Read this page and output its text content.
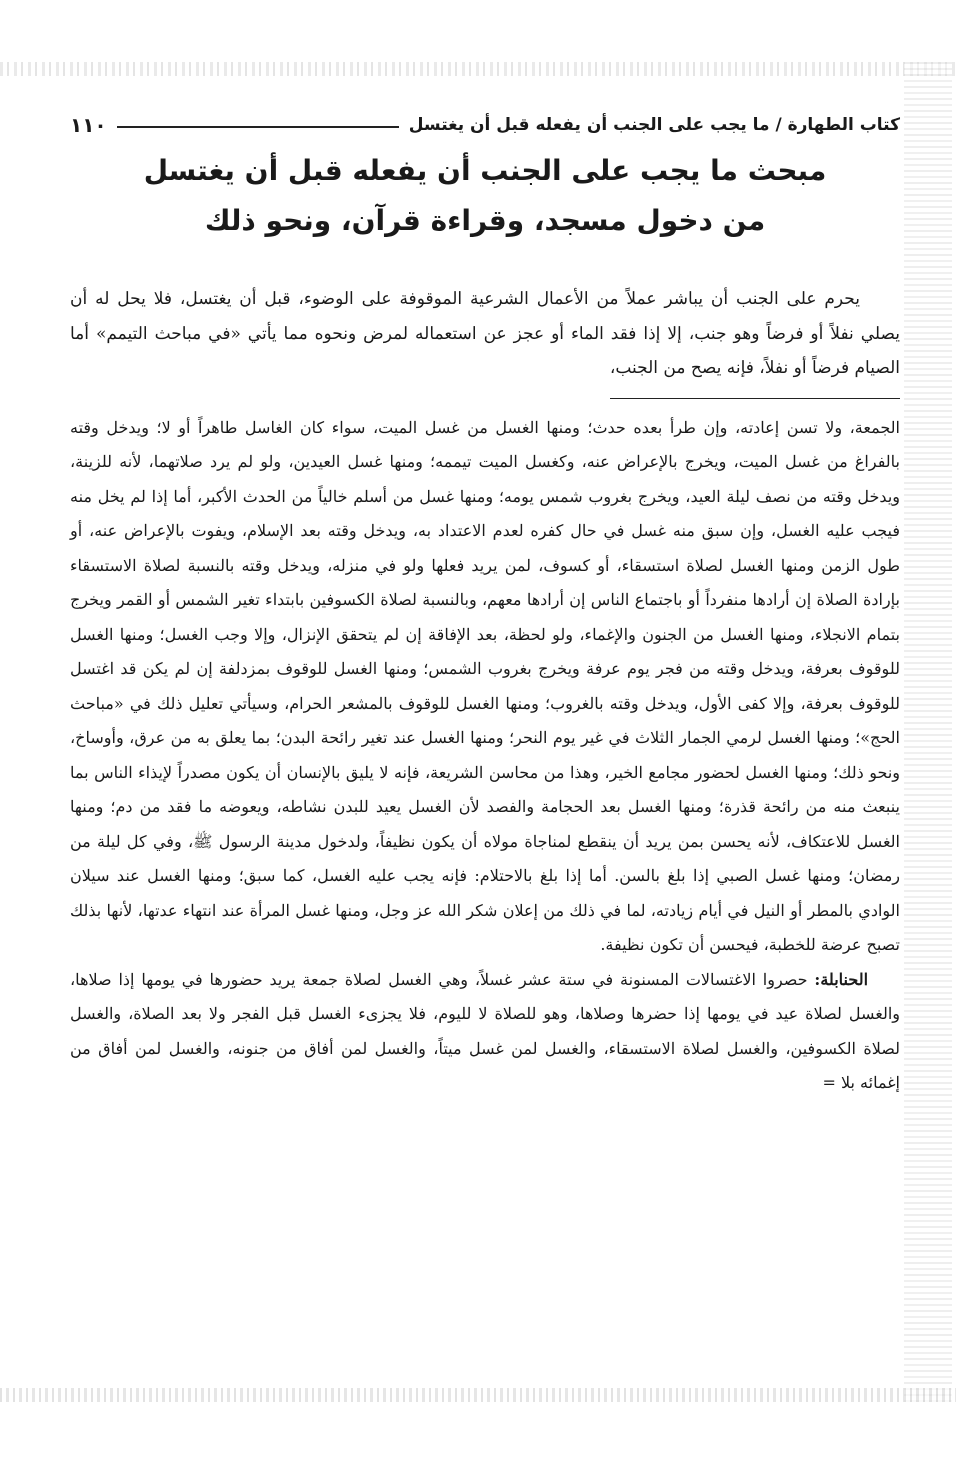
كتاب الطهارة / ما يجب على الجنب أن يفعله قبل أن يغتسل
١١٠
مبحث ما يجب على الجنب أن يفعله قبل أن يغتسل
من دخول مسجد، وقراءة قرآن، ونحو ذلك

يحرم على الجنب أن يباشر عملاً من الأعمال الشرعية الموقوفة على الوضوء، قبل أن يغتسل، فلا يحل له أن يصلي نفلاً أو فرضاً وهو جنب، إلا إذا فقد الماء أو عجز عن استعماله لمرض ونحوه مما يأتي «في مباحث التيمم» أما الصيام فرضاً أو نفلاً، فإنه يصح من الجنب،

الجمعة، ولا تسن إعادته، وإن طرأ بعده حدث؛ ومنها الغسل من غسل الميت، سواء كان الغاسل طاهراً أو لا؛ ويدخل وقته بالفراغ من غسل الميت، ويخرج بالإعراض عنه، وكغسل الميت تيممه؛ ومنها غسل العيدين، ولو لم يرد صلاتهما، لأنه للزينة، ويدخل وقته من نصف ليلة العيد، ويخرج بغروب شمس يومه؛ ومنها غسل من أسلم خالياً من الحدث الأكبر، أما إذا لم يخل منه فيجب عليه الغسل، وإن سبق منه غسل في حال كفره لعدم الاعتداد به، ويدخل وقته بعد الإسلام، ويفوت بالإعراض عنه، أو طول الزمن ومنها الغسل لصلاة استسقاء، أو كسوف، لمن يريد فعلها ولو في منزله، ويدخل وقته بالنسبة لصلاة الاستسقاء بإرادة الصلاة إن أرادها منفرداً أو باجتماع الناس إن أرادها معهم، وبالنسبة لصلاة الكسوفين بابتداء تغير الشمس أو القمر ويخرج بتمام الانجلاء، ومنها الغسل من الجنون والإغماء، ولو لحظة، بعد الإفاقة إن لم يتحقق الإنزال، وإلا وجب الغسل؛ ومنها الغسل للوقوف بعرفة، ويدخل وقته من فجر يوم عرفة ويخرج بغروب الشمس؛ ومنها الغسل للوقوف بمزدلفة إن لم يكن قد اغتسل للوقوف بعرفة، وإلا كفى الأول، ويدخل وقته بالغروب؛ ومنها الغسل للوقوف بالمشعر الحرام، وسيأتي تعليل ذلك في «مباحث الحج»؛ ومنها الغسل لرمي الجمار الثلاث في غير يوم النحر؛ ومنها الغسل عند تغير رائحة البدن؛ بما يعلق به من عرق، وأوساخ، ونحو ذلك؛ ومنها الغسل لحضور مجامع الخير، وهذا من محاسن الشريعة، فإنه لا يليق بالإنسان أن يكون مصدراً لإيذاء الناس بما ينبعث منه من رائحة قذرة؛ ومنها الغسل بعد الحجامة والفصد لأن الغسل يعيد للبدن نشاطه، ويعوضه ما فقد من دم؛ ومنها الغسل للاعتكاف، لأنه يحسن بمن يريد أن ينقطع لمناجاة مولاه أن يكون نظيفاً، ولدخول مدينة الرسول ﷺ، وفي كل ليلة من رمضان؛ ومنها غسل الصبي إذا بلغ بالسن. أما إذا بلغ بالاحتلام: فإنه يجب عليه الغسل، كما سبق؛ ومنها الغسل عند سيلان الوادي بالمطر أو النيل في أيام زيادته، لما في ذلك من إعلان شكر الله عز وجل، ومنها غسل المرأة عند انتهاء عدتها، لأنها بذلك تصبح عرضة للخطبة، فيحسن أن تكون نظيفة.

الحنابلة: حصروا الاغتسالات المسنونة في ستة عشر غسلاً، وهي الغسل لصلاة جمعة يريد حضورها في يومها إذا صلاها، والغسل لصلاة عيد في يومها إذا حضرها وصلاها، وهو للصلاة لا لليوم، فلا يجزىء الغسل قبل الفجر ولا بعد الصلاة، والغسل لصلاة الكسوفين، والغسل لصلاة الاستسقاء، والغسل لمن غسل ميتاً، والغسل لمن أفاق من جنونه، والغسل لمن أفاق من إغمائه بلا =
